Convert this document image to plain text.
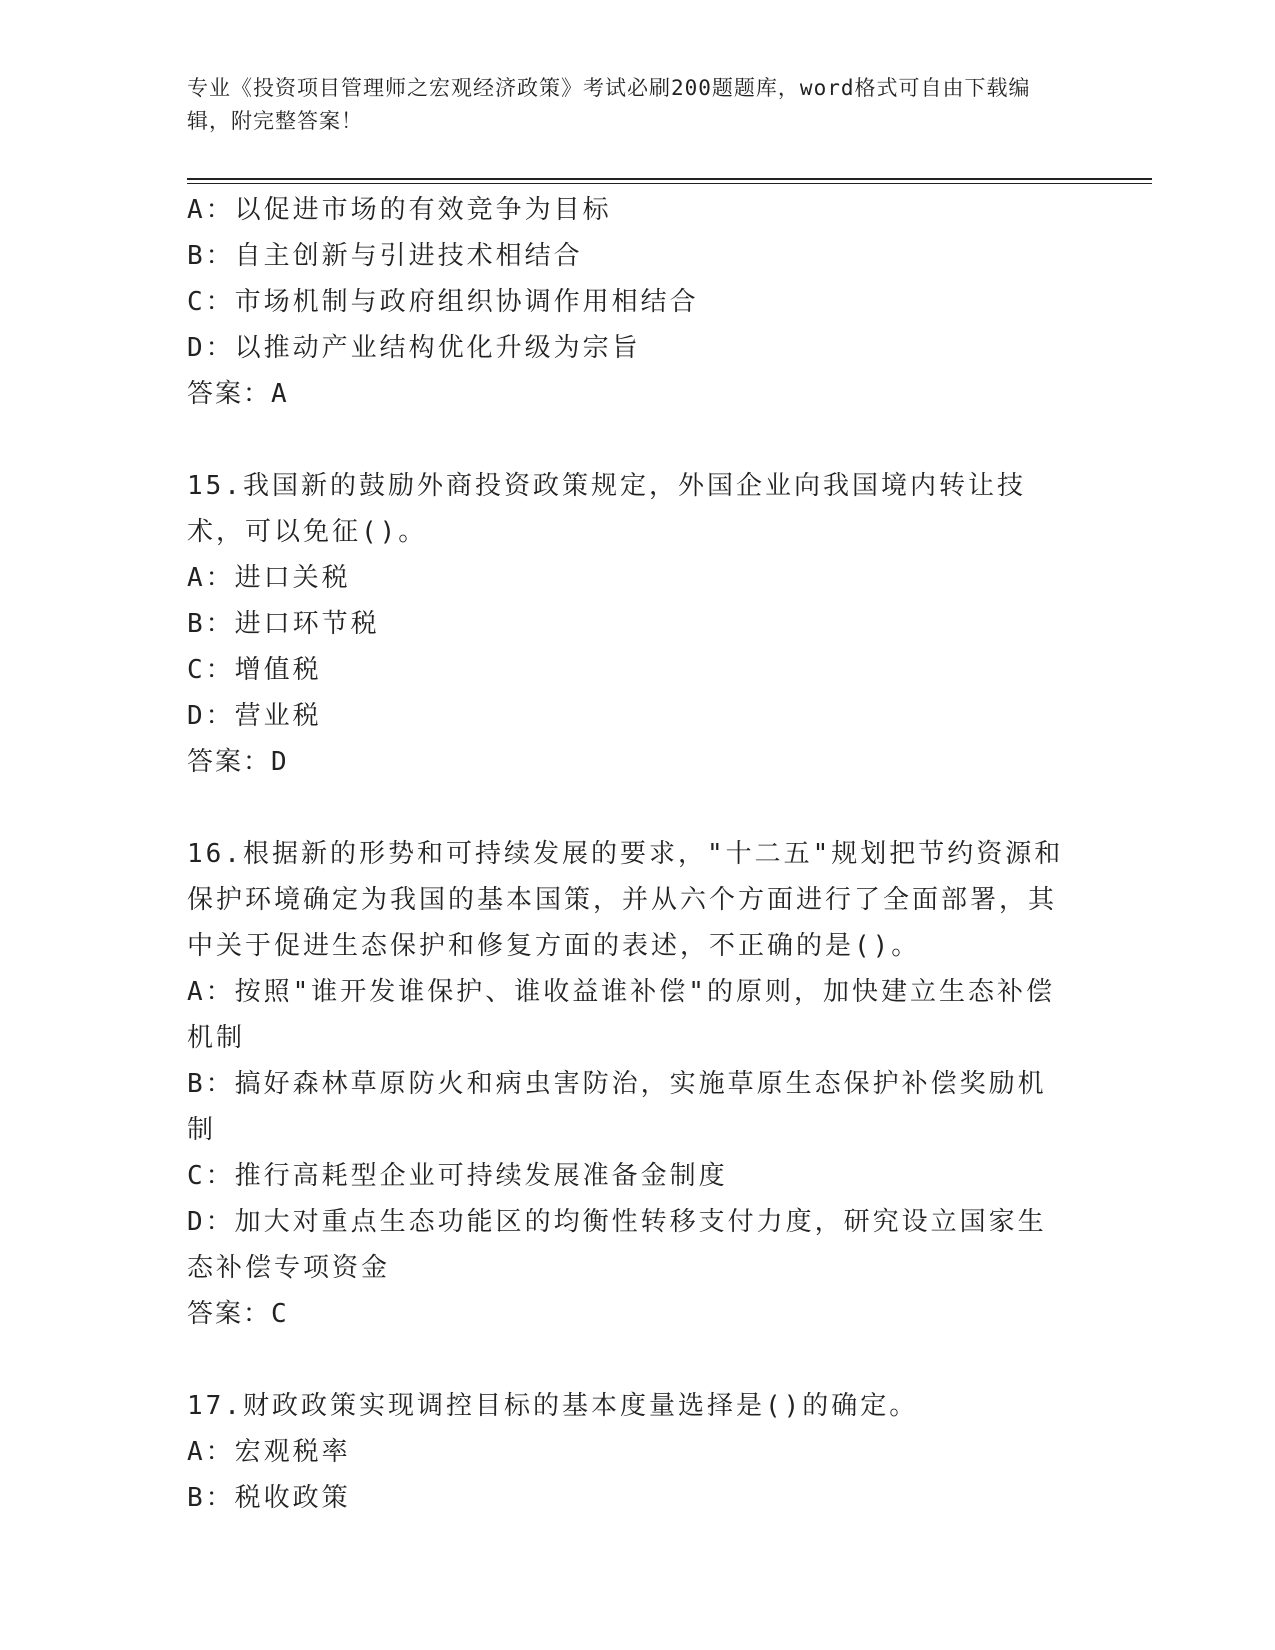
专业《投资项目管理师之宏观经济政策》考试必刷200题题库，word格式可自由下载编辑，附完整答案！

A：以促进市场的有效竞争为目标

B：自主创新与引进技术相结合

C：市场机制与政府组织协调作用相结合

D：以推动产业结构优化升级为宗旨

答案：A

15.我国新的鼓励外商投资政策规定，外国企业向我国境内转让技术，可以免征()。

A：进口关税

B：进口环节税

C：增值税

D：营业税

答案：D

16.根据新的形势和可持续发展的要求，"十二五"规划把节约资源和保护环境确定为我国的基本国策，并从六个方面进行了全面部署，其中关于促进生态保护和修复方面的表述，不正确的是()。

A：按照"谁开发谁保护、谁收益谁补偿"的原则，加快建立生态补偿机制

B：搞好森林草原防火和病虫害防治，实施草原生态保护补偿奖励机制

C：推行高耗型企业可持续发展准备金制度

D：加大对重点生态功能区的均衡性转移支付力度，研究设立国家生态补偿专项资金

答案：C

17.财政政策实现调控目标的基本度量选择是()的确定。

A：宏观税率

B：税收政策
